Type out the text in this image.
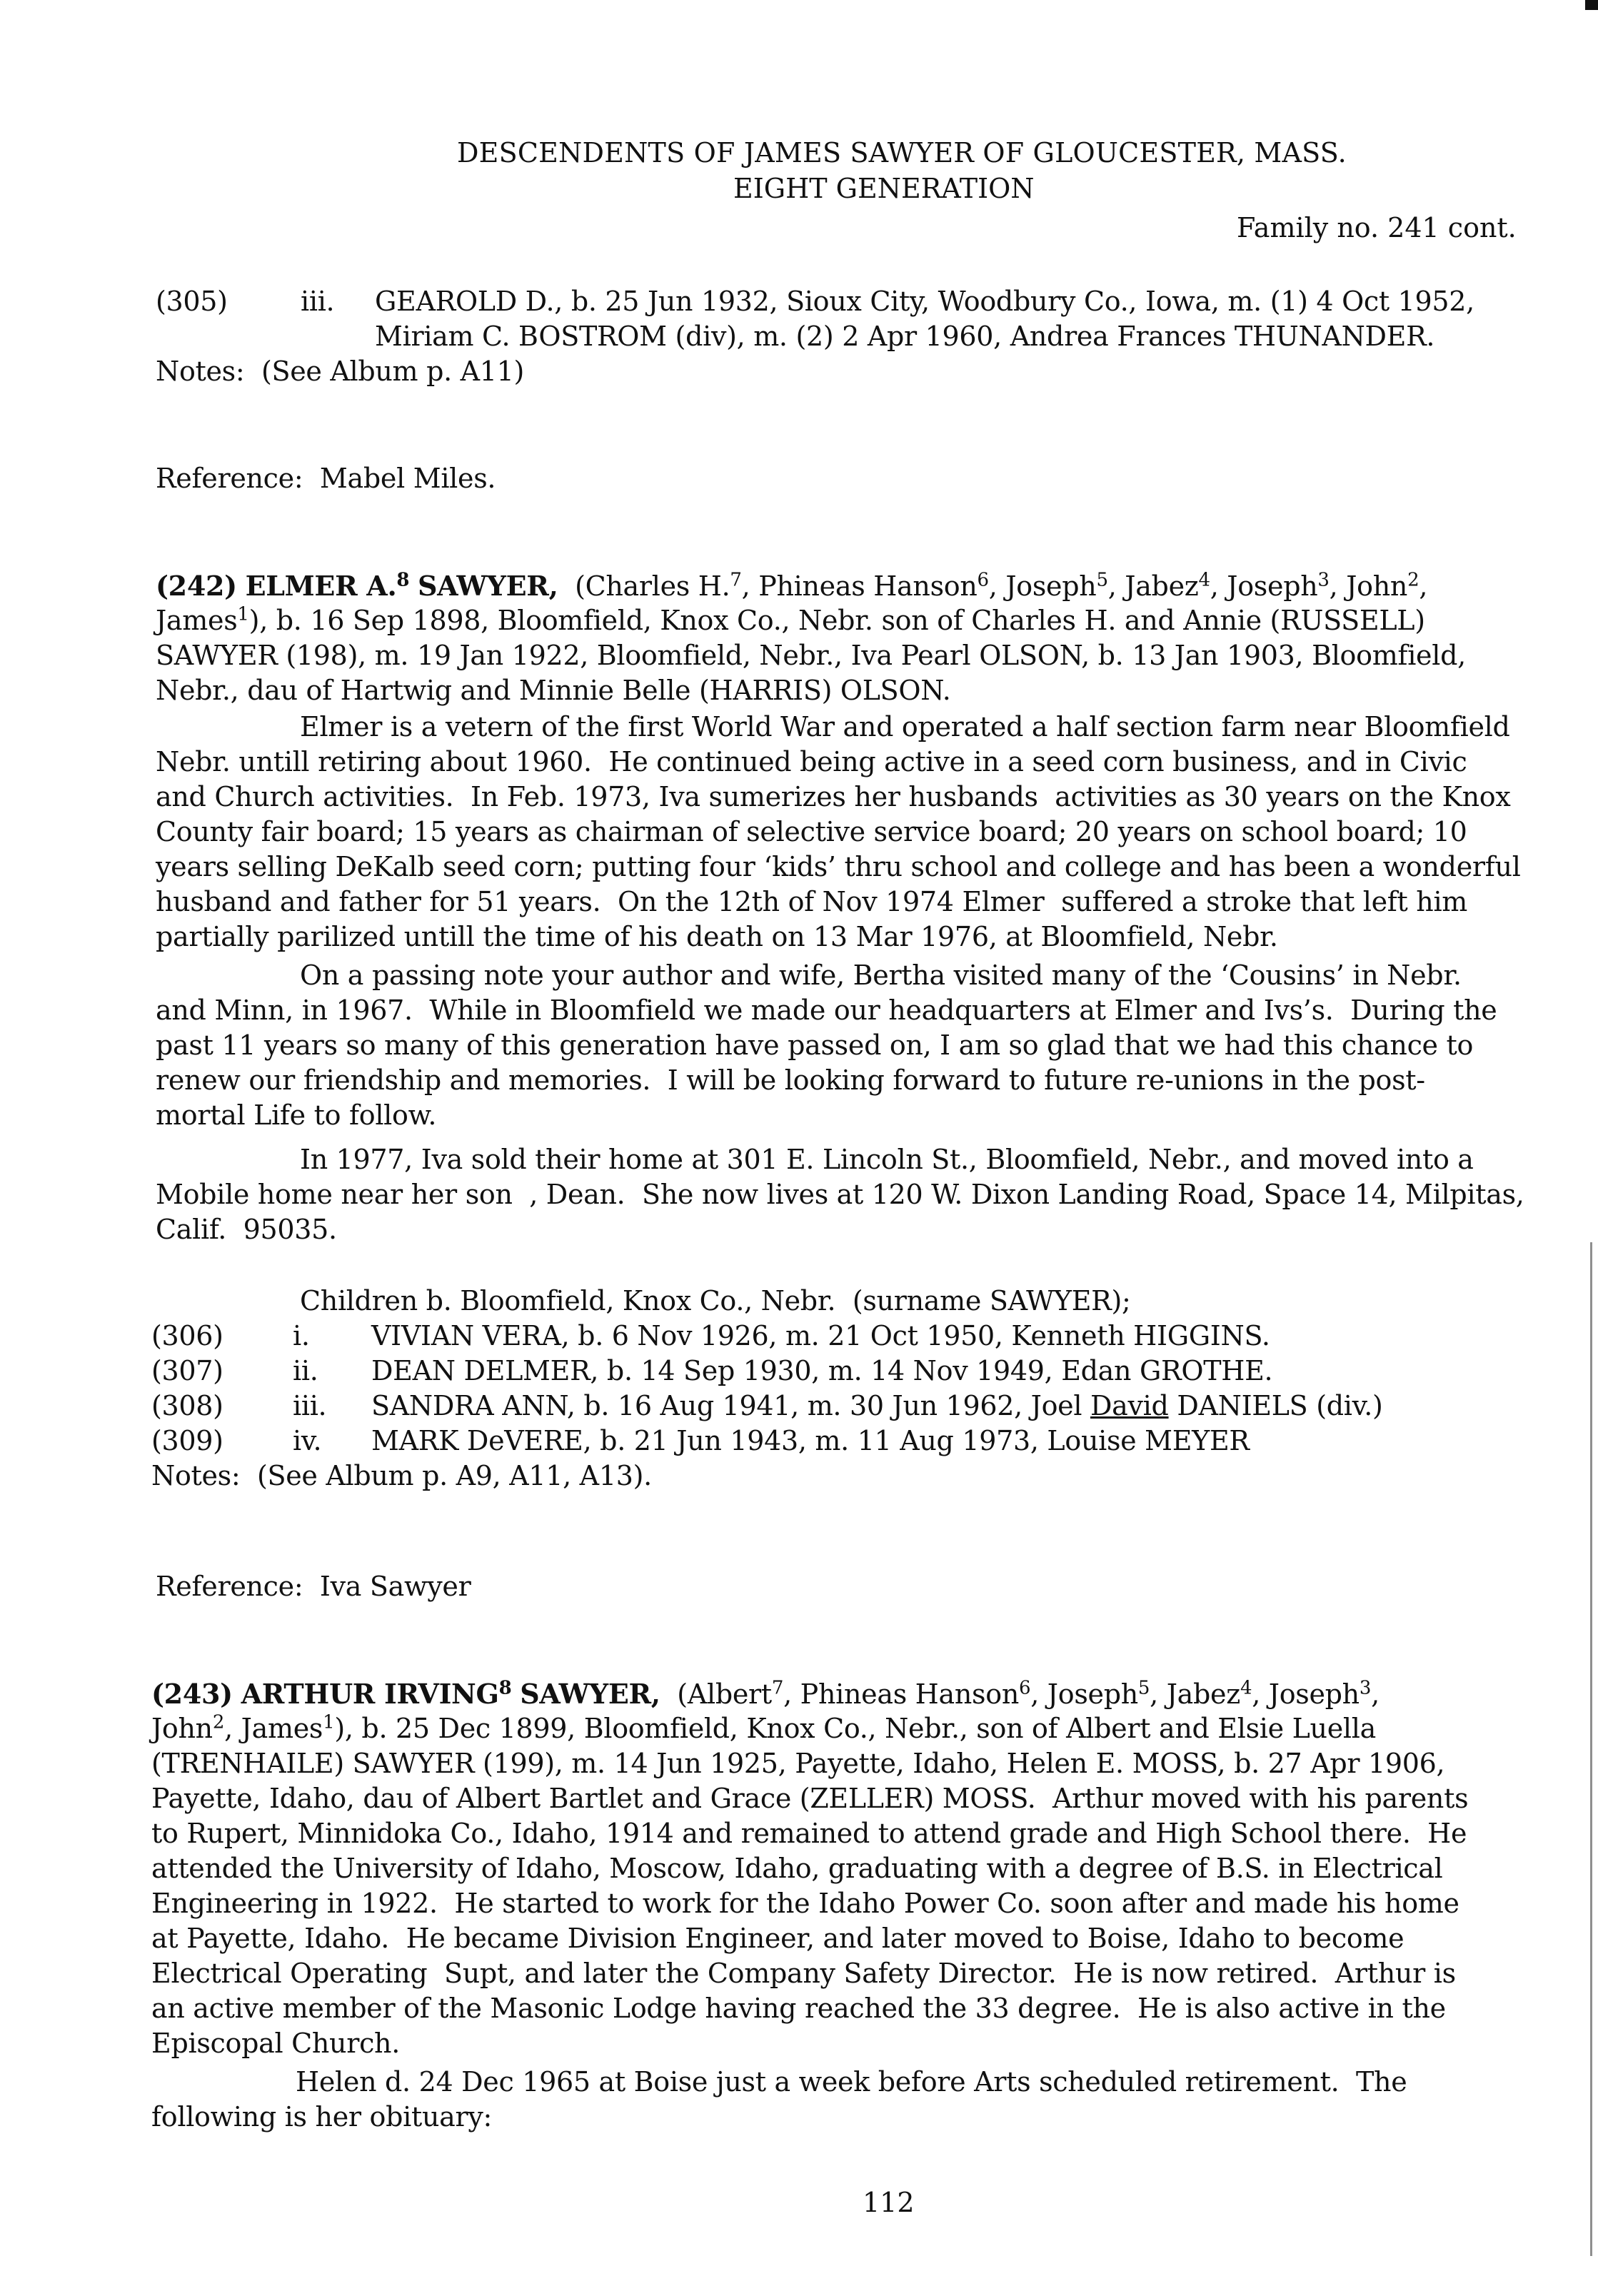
DESCENDENTS OF JAMES SAWYER OF GLOUCESTER, MASS.
EIGHT GENERATION
Family no. 241 cont.
(305)	iii. GEAROLD D., b. 25 Jun 1932, Sioux City, Woodbury Co., Iowa, m. (1) 4 Oct 1952,
Miriam C. BOSTROM (div), m. (2) 2 Apr 1960, Andrea Frances THUNANDER.
Notes:  (See Album p. A11)
Reference:  Mabel Miles.
(242) ELMER A.$^8$ SAWYER, (Charles H.$^7$, Phineas Hanson$^6$, Joseph$^5$, Jabez$^4$, Joseph$^3$, John$^2$,
James$^1$), b. 16 Sep 1898, Bloomfield, Knox Co., Nebr. son of Charles H. and Annie (RUSSELL)
SAWYER (198), m. 19 Jan 1922, Bloomfield, Nebr., Iva Pearl OLSON, b. 13 Jan 1903, Bloomfield,
Nebr., dau of Hartwig and Minnie Belle (HARRIS) OLSON.
Elmer is a vetern of the first World War and operated a half section farm near Bloomfield
Nebr. untill retiring about 1960.  He continued being active in a seed corn business, and in Civic
and Church activities.  In Feb. 1973, Iva sumerizes her husbands  activities as 30 years on the Knox
County fair board; 15 years as chairman of selective service board; 20 years on school board; 10
years selling DeKalb seed corn; putting four ‘kids’ thru school and college and has been a wonderful
husband and father for 51 years.  On the 12th of Nov 1974 Elmer  suffered a stroke that left him
partially parilized untill the time of his death on 13 Mar 1976, at Bloomfield, Nebr.
On a passing note your author and wife, Bertha visited many of the ‘Cousins’ in Nebr.
and Minn, in 1967.  While in Bloomfield we made our headquarters at Elmer and Ivs’s.  During the
past 11 years so many of this generation have passed on, I am so glad that we had this chance to
renew our friendship and memories.  I will be looking forward to future re-unions in the post-
mortal Life to follow.
In 1977, Iva sold their home at 301 E. Lincoln St., Bloomfield, Nebr., and moved into a
Mobile home near her son  , Dean.  She now lives at 120 W. Dixon Landing Road, Space 14, Milpitas,
Calif.  95035.
Children b. Bloomfield, Knox Co., Nebr.  (surname SAWYER);
(306)	i. VIVIAN VERA, b. 6 Nov 1926, m. 21 Oct 1950, Kenneth HIGGINS.
(307)	ii. DEAN DELMER, b. 14 Sep 1930, m. 14 Nov 1949, Edan GROTHE.
(308)	iii. SANDRA ANN, b. 16 Aug 1941, m. 30 Jun 1962, Joel David DANIELS (div.)
(309)	iv. MARK DeVERE, b. 21 Jun 1943, m. 11 Aug 1973, Louise MEYER
Notes:  (See Album p. A9, A11, A13).
Reference:  Iva Sawyer
(243) ARTHUR IRVING$^8$ SAWYER, (Albert$^7$, Phineas Hanson$^6$, Joseph$^5$, Jabez$^4$, Joseph$^3$,
John$^2$, James$^1$), b. 25 Dec 1899, Bloomfield, Knox Co., Nebr., son of Albert and Elsie Luella
(TRENHAILE) SAWYER (199), m. 14 Jun 1925, Payette, Idaho, Helen E. MOSS, b. 27 Apr 1906,
Payette, Idaho, dau of Albert Bartlet and Grace (ZELLER) MOSS.  Arthur moved with his parents
to Rupert, Minnidoka Co., Idaho, 1914 and remained to attend grade and High School there.  He
attended the University of Idaho, Moscow, Idaho, graduating with a degree of B.S. in Electrical
Engineering in 1922.  He started to work for the Idaho Power Co. soon after and made his home
at Payette, Idaho.  He became Division Engineer, and later moved to Boise, Idaho to become
Electrical Operating  Supt, and later the Company Safety Director.  He is now retired.  Arthur is
an active member of the Masonic Lodge having reached the 33 degree.  He is also active in the
Episcopal Church.
Helen d. 24 Dec 1965 at Boise just a week before Arts scheduled retirement.  The
following is her obituary:
112
